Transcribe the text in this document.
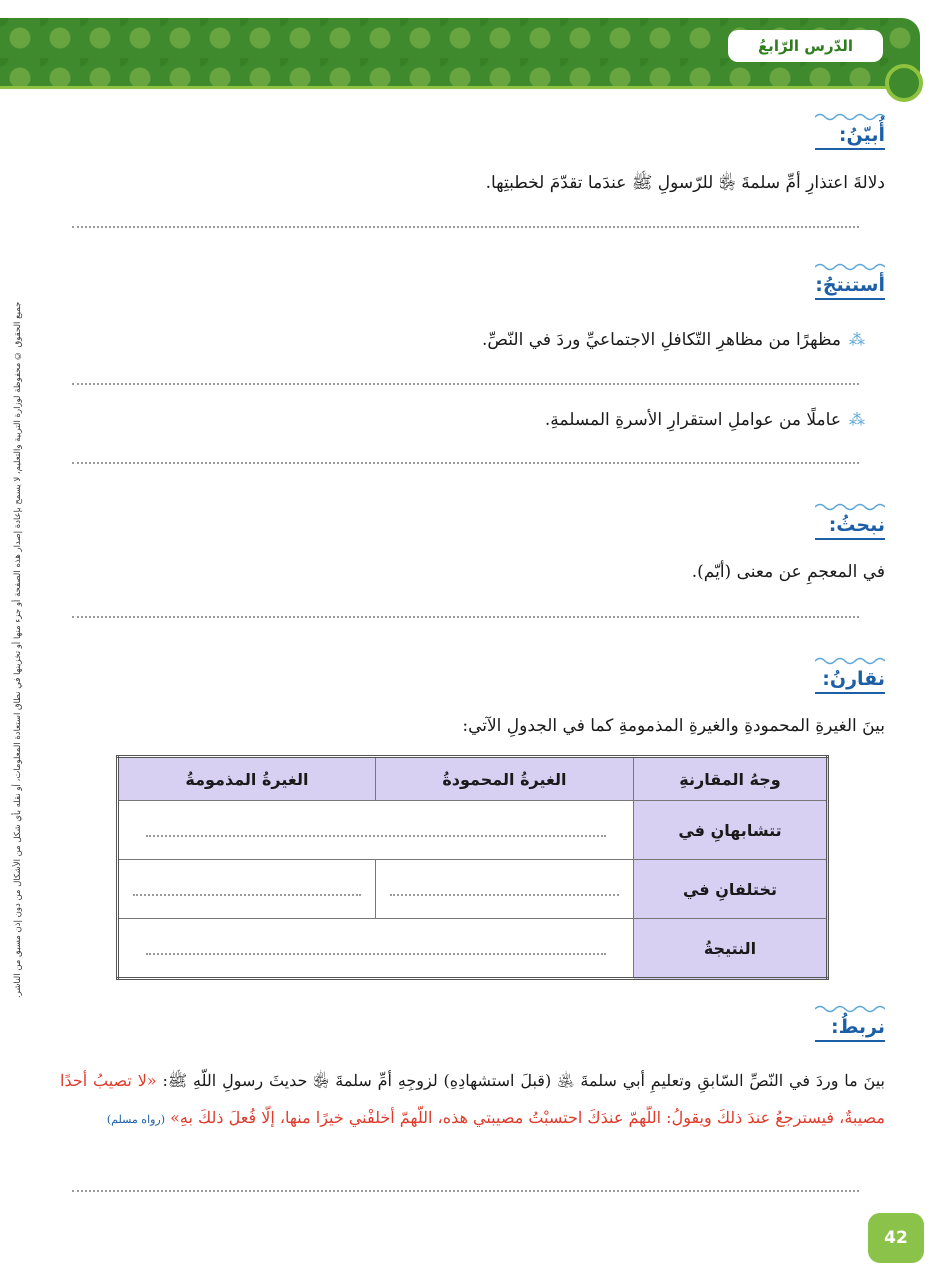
الدّرس الرّابعُ
جميع الحقوق © محفوظة لوزارة التربية والتعليم، لا يسمح بإعادة إصدار هذه الصفحة أو جزء منها أو تخزينها في نطاق استعادة المعلومات، أو نقله بأي شكل من الأشكال من دون إذن مسبق من الناشر.
أُبيّنُ:
دلالةَ اعتذارِ أمِّ سلمةَ ﵂ للرّسولِ ﷺ عندَما تقدّمَ لخطبتِها.
أستنتجُ:
⁂مظهرًا من مظاهرِ التّكافلِ الاجتماعيِّ وردَ في النّصِّ.
⁂عاملًا من عواملِ استقرارِ الأسرةِ المسلمةِ.
نبحثُ:
في المعجمِ عن معنى (أيّم).
نقارنُ:
بينَ الغيرةِ المحمودةِ والغيرةِ المذمومةِ كما في الجدولِ الآتي:
وجهُ المقارنةِ	الغيرةُ المحمودةُ	الغيرةُ المذمومةُ
تتشابهانِ في		
تختلفانِ في		
النتيجةُ		
نربطُ:
بينَ ما وردَ في النّصِّ السّابقِ وتعليمِ أبي سلمةَ ﵁ (قبلَ استشهادِهِ) لزوجِهِ أمِّ سلمةَ ﵂ حديثَ رسولِ اللّهِ ﷺ: «لا تصيبُ أحدًا مصيبةٌ، فيسترجعُ عندَ ذلكَ ويقولُ: اللّهمّ عندَكَ احتسبْتُ مصيبتي هذه، اللّهمّ أخلفْني خيرًا منها، إلّا فُعلَ ذلكَ بهِ» (رواه مسلم)
42
